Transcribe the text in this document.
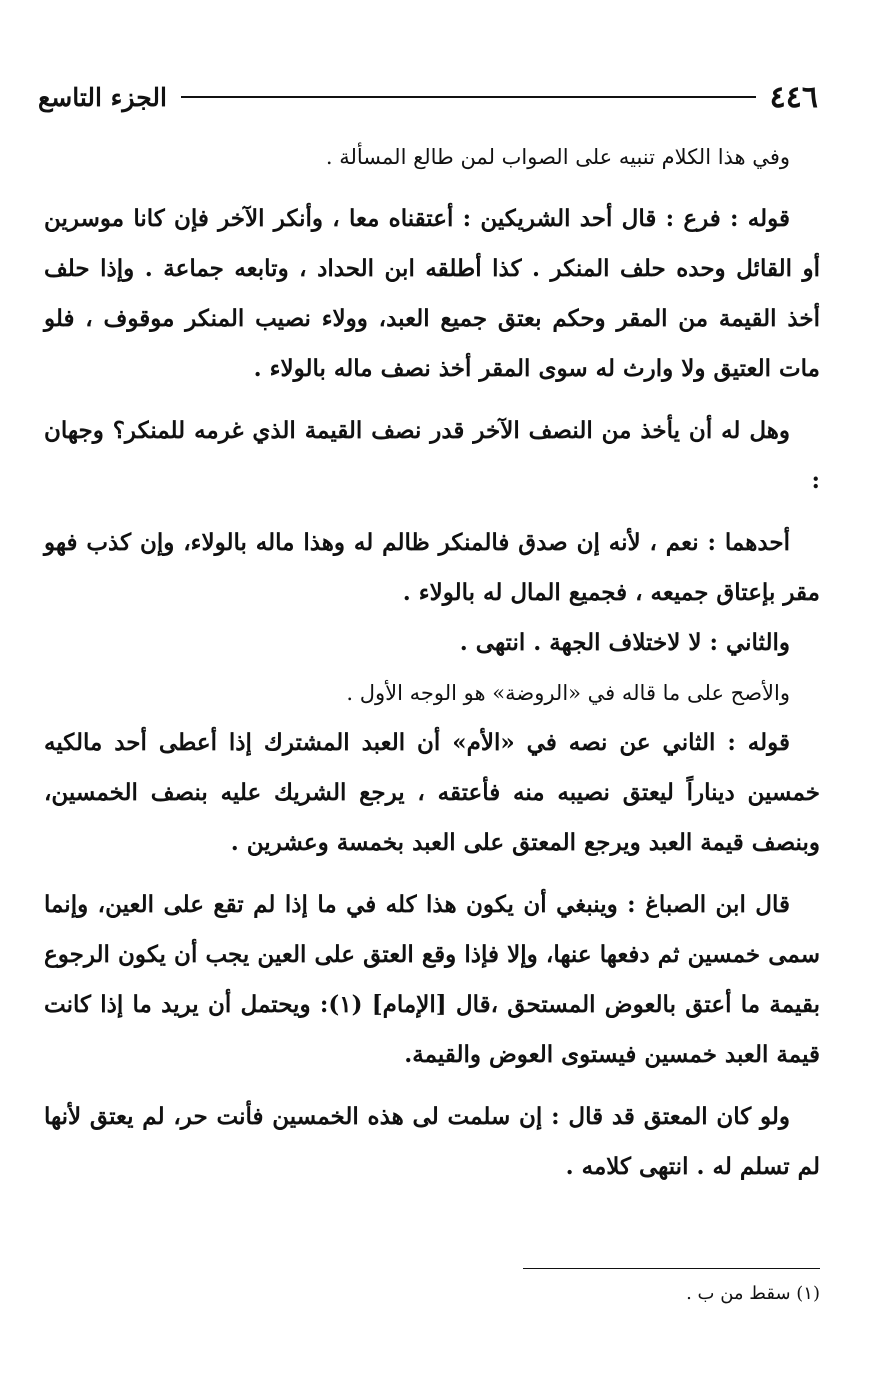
٤٤٦
الجزء التاسع

وفي هذا الكلام تنبيه على الصواب لمن طالع المسألة .

قوله : فرع : قال أحد الشريكين : أعتقناه معا ، وأنكر الآخر فإن كانا موسرين أو القائل وحده حلف المنكر . كذا أطلقه ابن الحداد ، وتابعه جماعة . وإذا حلف أخذ القيمة من المقر وحكم بعتق جميع العبد، وولاء نصيب المنكر موقوف ، فلو مات العتيق ولا وارث له سوى المقر أخذ نصف ماله بالولاء .

وهل له أن يأخذ من النصف الآخر قدر نصف القيمة الذي غرمه للمنكر؟ وجهان :

أحدهما : نعم ، لأنه إن صدق فالمنكر ظالم له وهذا ماله بالولاء، وإن كذب فهو مقر بإعتاق جميعه ، فجميع المال له بالولاء .

والثاني : لا لاختلاف الجهة . انتهى .

والأصح على ما قاله في «الروضة» هو الوجه الأول .

قوله : الثاني عن نصه في «الأم» أن العبد المشترك إذا أعطى أحد مالكيه خمسين ديناراً ليعتق نصيبه منه فأعتقه ، يرجع الشريك عليه بنصف الخمسين، وبنصف قيمة العبد ويرجع المعتق على العبد بخمسة وعشرين .

قال ابن الصباغ : وينبغي أن يكون هذا كله في ما إذا لم تقع على العين، وإنما سمى خمسين ثم دفعها عنها، وإلا فإذا وقع العتق على العين يجب أن يكون الرجوع بقيمة ما أعتق بالعوض المستحق ،قال [الإمام] (١): ويحتمل أن يريد ما إذا كانت قيمة العبد خمسين فيستوى العوض والقيمة.

ولو كان المعتق قد قال : إن سلمت لى هذه الخمسين فأنت حر، لم يعتق لأنها لم تسلم له . انتهى كلامه .

(١) سقط من ب .
